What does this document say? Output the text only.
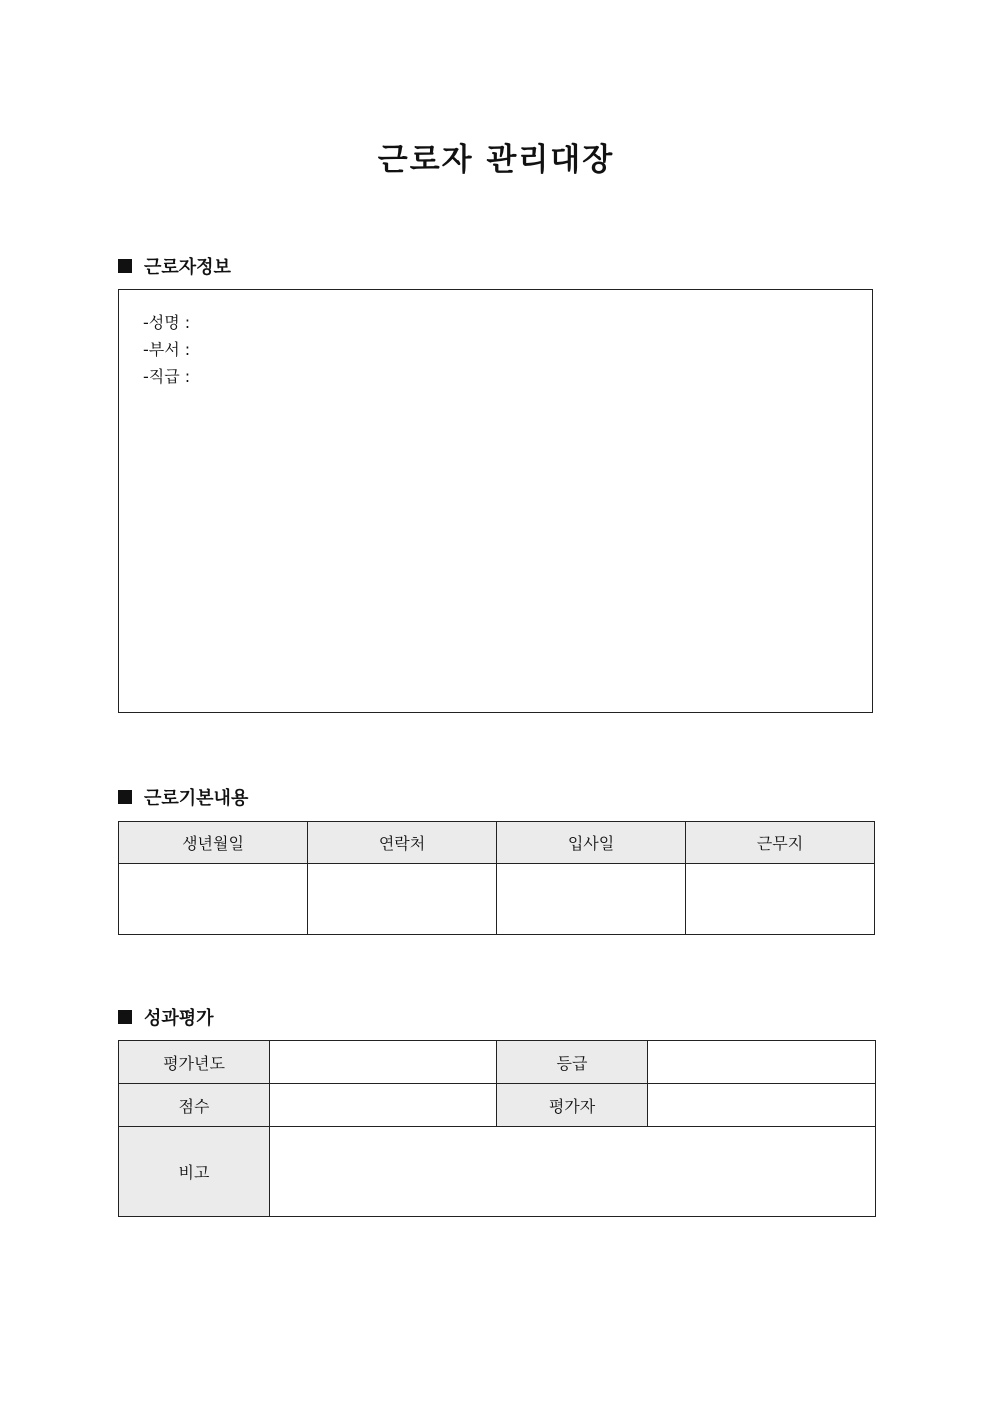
근로자 관리대장
근로자정보
-성명 :
-부서 :
-직급 :
근로기본내용
생년월일	연락처	입사일	근무지

성과평가
평가년도		등급	
점수		평가자	
비고			
